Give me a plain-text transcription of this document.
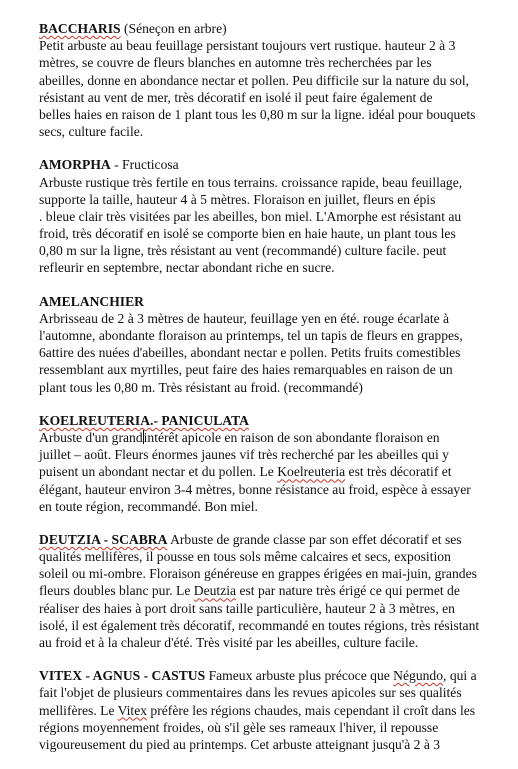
BACCHARIS (Séneçon en arbre)
Petit arbuste au beau feuillage persistant toujours vert rustique. hauteur 2 à 3
mètres, se couvre de fleurs blanches en automne très recherchées par les
abeilles, donne en abondance nectar et pollen. Peu difficile sur la nature du sol,
résistant au vent de mer, très décoratif en isolé il peut faire également de
belles haies en raison de 1 plant tous les 0,80 m sur la ligne. idéal pour bouquets
secs, culture facile.
AMORPHA - Fructicosa
Arbuste rustique très fertile en tous terrains. croissance rapide, beau feuillage,
supporte la taille, hauteur 4 à 5 mètres. Floraison en juillet, fleurs en épis
. bleue clair très visitées par les abeilles, bon miel. L'Amorphe est résistant au
froid, très décoratif en isolé se comporte bien en haie haute, un plant tous les
0,80 m sur la ligne, très résistant au vent (recommandé) culture facile. peut
refleurir en septembre, nectar abondant riche en sucre.
AMELANCHIER
Arbrisseau de 2 à 3 mètres de hauteur, feuillage yen en été. rouge écarlate à
l'automne, abondante floraison au printemps, tel un tapis de fleurs en grappes,
6attire des nuées d'abeilles, abondant nectar e pollen. Petits fruits comestibles
ressemblant aux myrtilles, peut faire des haies remarquables en raison de un
plant tous les 0,80 m. Très résistant au froid. (recommandé)
KOELREUTERIA.- PANICULATA
Arbuste d'un grandintérêt apicole en raison de son abondante floraison en
juillet – août. Fleurs énormes jaunes vif très recherché par les abeilles qui y
puisent un abondant nectar et du pollen. Le Koelreuteria est très décoratif et
élégant, hauteur environ 3-4 mètres, bonne résistance au froid, espèce à essayer
en toute région, recommandé. Bon miel.
DEUTZIA - SCABRA Arbuste de grande classe par son effet décoratif et ses
qualités mellifères, il pousse en tous sols même calcaires et secs, exposition
soleil ou mi-ombre. Floraison généreuse en grappes érigées en mai-juin, grandes
fleurs doubles blanc pur. Le Deutzia est par nature très érigé ce qui permet de
réaliser des haies à port droit sans taille particulière, hauteur 2 à 3 mètres, en
isolé, il est également très décoratif, recommandé en toutes régions, très résistant
au froid et à la chaleur d'été. Très visité par les abeilles, culture facile.
VITEX - AGNUS - CASTUS Fameux arbuste plus précoce que Négundo, qui a
fait l'objet de plusieurs commentaires dans les revues apicoles sur ses qualités
mellifères. Le Vitex préfère les régions chaudes, mais cependant il croît dans les
régions moyennement froides, où s'il gèle ses rameaux l'hiver, il repousse
vigoureusement du pied au printemps. Cet arbuste atteignant jusqu'à 2 à 3
